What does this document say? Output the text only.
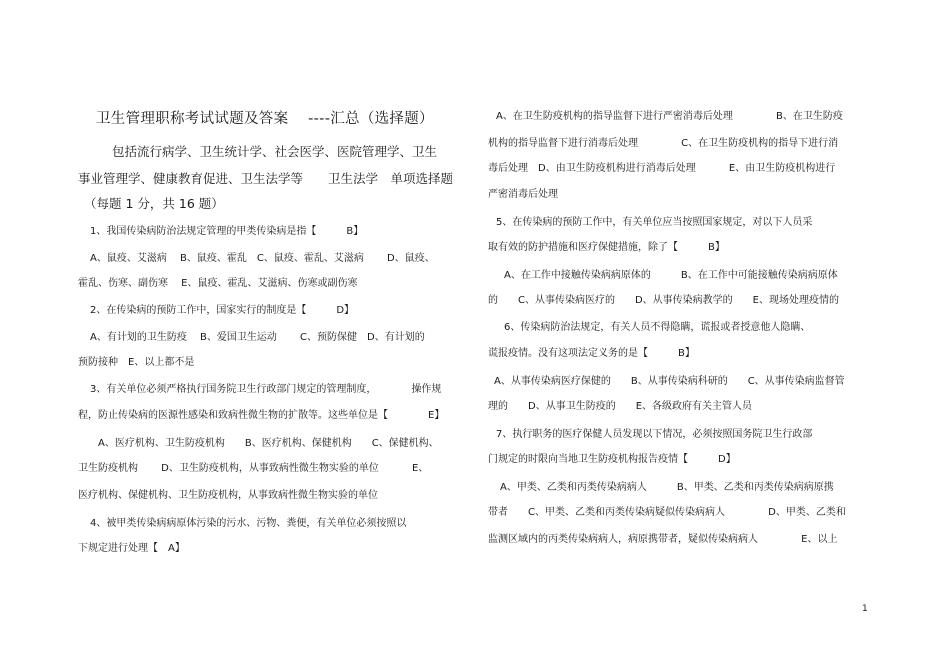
卫生管理职称考试试题及答案　 ----汇总（选择题）
包括流行病学、卫生统计学、社会医学、医院管理学、卫生
事业管理学、健康教育促进、卫生法学等　　卫生法学　单项选择题
（每题 1 分，共 16 题）
1、我国传染病防治法规定管理的甲类传染病是指【　　　B】
A、鼠疫、艾滋病　 B、鼠疫、霍乱　C、鼠疫、霍乱、艾滋病　　 D、鼠疫、
霍乱、伤寒、副伤寒　 E、鼠疫、霍乱、艾滋病、伤寒或副伤寒
2、在传染病的预防工作中，国家实行的制度是【　　　D】
A、有计划的卫生防疫　 B、爱国卫生运动　　 C、预防保健　D、有计划的
预防接种　E、以上都不是
3、有关单位必须严格执行国务院卫生行政部门规定的管理制度，　　　　操作规
程，防止传染病的医源性感染和致病性微生物的扩散等。这些单位是【　　　　E】
A、医疗机构、卫生防疫机构　　B、医疗机构、保健机构　　C、保健机构、
卫生防疫机构　　 D、卫生防疫机构，从事致病性微生物实验的单位　　　 E、
医疗机构、保健机构、卫生防疫机构，从事致病性微生物实验的单位
4、被甲类传染病病原体污染的污水、污物、粪便，有关单位必须按照以
下规定进行处理【　A】
A、在卫生防疫机构的指导监督下进行严密消毒后处理　　　　 B、在卫生防疫
机构的指导监督下进行消毒后处理　　　　 C、在卫生防疫机构的指导下进行消
毒后处理　D、由卫生防疫机构进行消毒后处理　　　 E、由卫生防疫机构进行
严密消毒后处理
5、在传染病的预防工作中，有关单位应当按照国家规定，对以下人员采
取有效的防护措施和医疗保健措施，除了【　　　B】
A、在工作中接触传染病病原体的　　　B、在工作中可能接触传染病病原体
的　　C、从事传染病医疗的　　D、从事传染病教学的　　E、现场处理疫情的
6、传染病防治法规定，有关人员不得隐瞒，谎报或者授意他人隐瞒、
谎报疫情。没有这项法定义务的是【　　　B】
A、从事传染病医疗保健的　　B、从事传染病科研的　　C、从事传染病监督管
理的　　D、从事卫生防疫的　　E、各级政府有关主管人员
7、执行职务的医疗保健人员发现以下情况，必须按照国务院卫生行政部
门规定的时限向当地卫生防疫机构报告疫情【　　　D】
A、甲类、乙类和丙类传染病病人　　　B、甲类、乙类和丙类传染病病原携
带者　　C、甲类、乙类和丙类传染病疑似传染病病人　　　　 D、甲类、乙类和
监测区域内的丙类传染病病人，病原携带者，疑似传染病病人　　　　 E、以上
1
